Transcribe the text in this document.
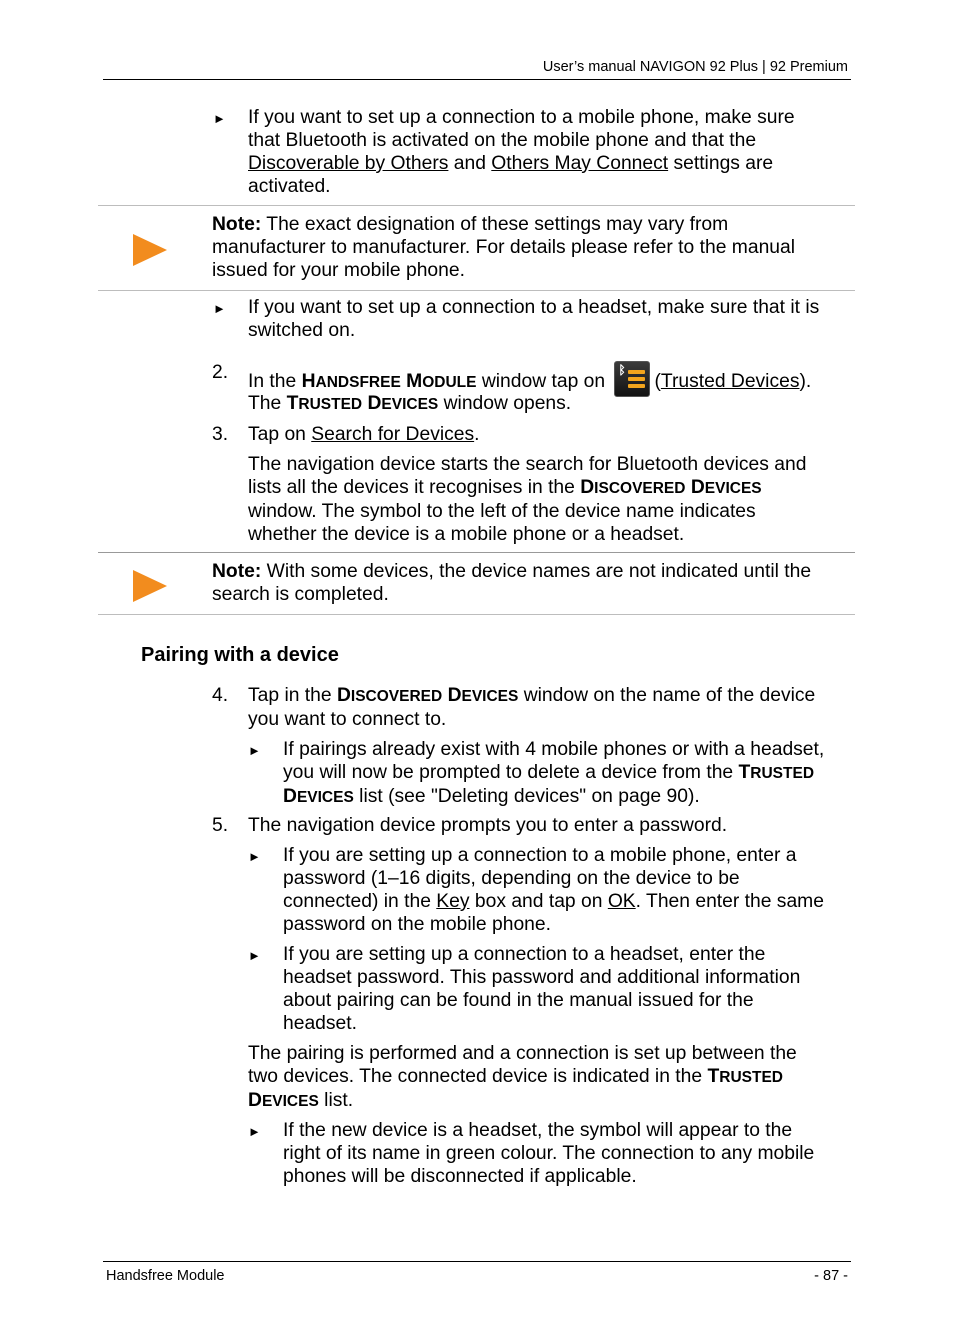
User’s manual NAVIGON 92 Plus | 92 Premium
► If you want to set up a connection to a mobile phone, make sure
that Bluetooth is activated on the mobile phone and that the
Discoverable by Others and Others May Connect settings are
activated.
Note: The exact designation of these settings may vary from
manufacturer to manufacturer. For details please refer to the manual
issued for your mobile phone.
► If you want to set up a connection to a headset, make sure that it is
switched on.
2. In the HANDSFREE MODULE window tap on
ᛒ
(Trusted Devices).
The TRUSTED DEVICES window opens.
3. Tap on Search for Devices.
The navigation device starts the search for Bluetooth devices and
lists all the devices it recognises in the DISCOVERED DEVICES
window. The symbol to the left of the device name indicates
whether the device is a mobile phone or a headset.
Note: With some devices, the device names are not indicated until the
search is completed.
Pairing with a device
4. Tap in the DISCOVERED DEVICES window on the name of the device
you want to connect to.
► If pairings already exist with 4 mobile phones or with a headset,
you will now be prompted to delete a device from the TRUSTED
DEVICES list (see "Deleting devices" on page 90).
5. The navigation device prompts you to enter a password.
► If you are setting up a connection to a mobile phone, enter a
password (1–16 digits, depending on the device to be
connected) in the Key box and tap on OK. Then enter the same
password on the mobile phone.
► If you are setting up a connection to a headset, enter the
headset password. This password and additional information
about pairing can be found in the manual issued for the
headset.
The pairing is performed and a connection is set up between the
two devices. The connected device is indicated in the TRUSTED
DEVICES list.
► If the new device is a headset, the symbol will appear to the
right of its name in green colour. The connection to any mobile
phones will be disconnected if applicable.
Handsfree Module	- 87 -
